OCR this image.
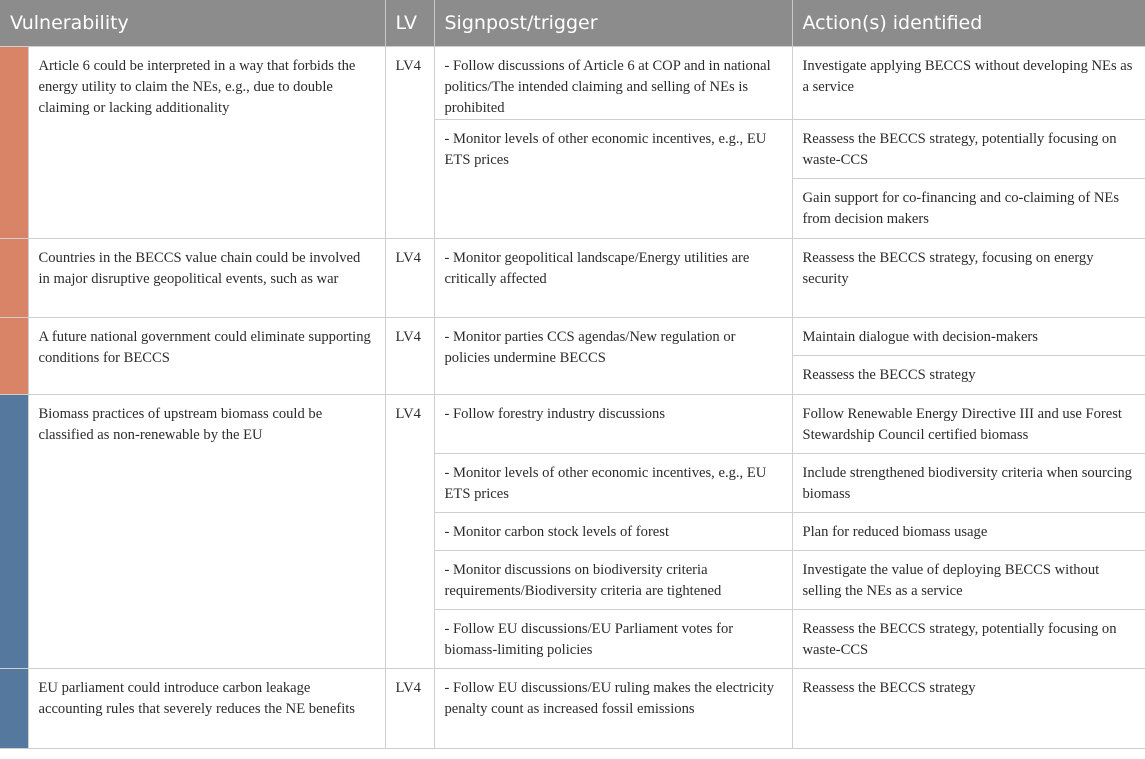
Vulnerability		LV	Signpost/trigger	Action(s) identified
	Article 6 could be interpreted in a way that forbids the energy utility to claim the NEs, e.g., due to double claiming or lacking additionality	LV4	- Follow discussions of Article 6 at COP and in national politics/The intended claiming and selling of NEs is prohibited	Investigate applying BECCS without developing NEs as a service
			- Monitor levels of other economic incentives, e.g., EU ETS prices	Reassess the BECCS strategy, potentially focusing on waste-CCS
				Gain support for co-financing and co-claiming of NEs from decision makers
	Countries in the BECCS value chain could be involved in major disruptive geopolitical events, such as war	LV4	- Monitor geopolitical landscape/Energy utilities are critically affected	Reassess the BECCS strategy, focusing on energy security
	A future national government could eliminate supporting conditions for BECCS	LV4	- Monitor parties CCS agendas/New regulation or policies undermine BECCS	Maintain dialogue with decision-makers
				Reassess the BECCS strategy
	Biomass practices of upstream biomass could be classified as non-renewable by the EU	LV4	- Follow forestry industry discussions	Follow Renewable Energy Directive III and use Forest Stewardship Council certified biomass
			- Monitor levels of other economic incentives, e.g., EU ETS prices	Include strengthened biodiversity criteria when sourcing biomass
			- Monitor carbon stock levels of forest	Plan for reduced biomass usage
			- Monitor discussions on biodiversity criteria requirements/Biodiversity criteria are tightened	Investigate the value of deploying BECCS without selling the NEs as a service
			- Follow EU discussions/EU Parliament votes for biomass-limiting policies	Reassess the BECCS strategy, potentially focusing on waste-CCS
	EU parliament could introduce carbon leakage accounting rules that severely reduces the NE benefits	LV4	- Follow EU discussions/EU ruling makes the electricity penalty count as increased fossil emissions	Reassess the BECCS strategy
